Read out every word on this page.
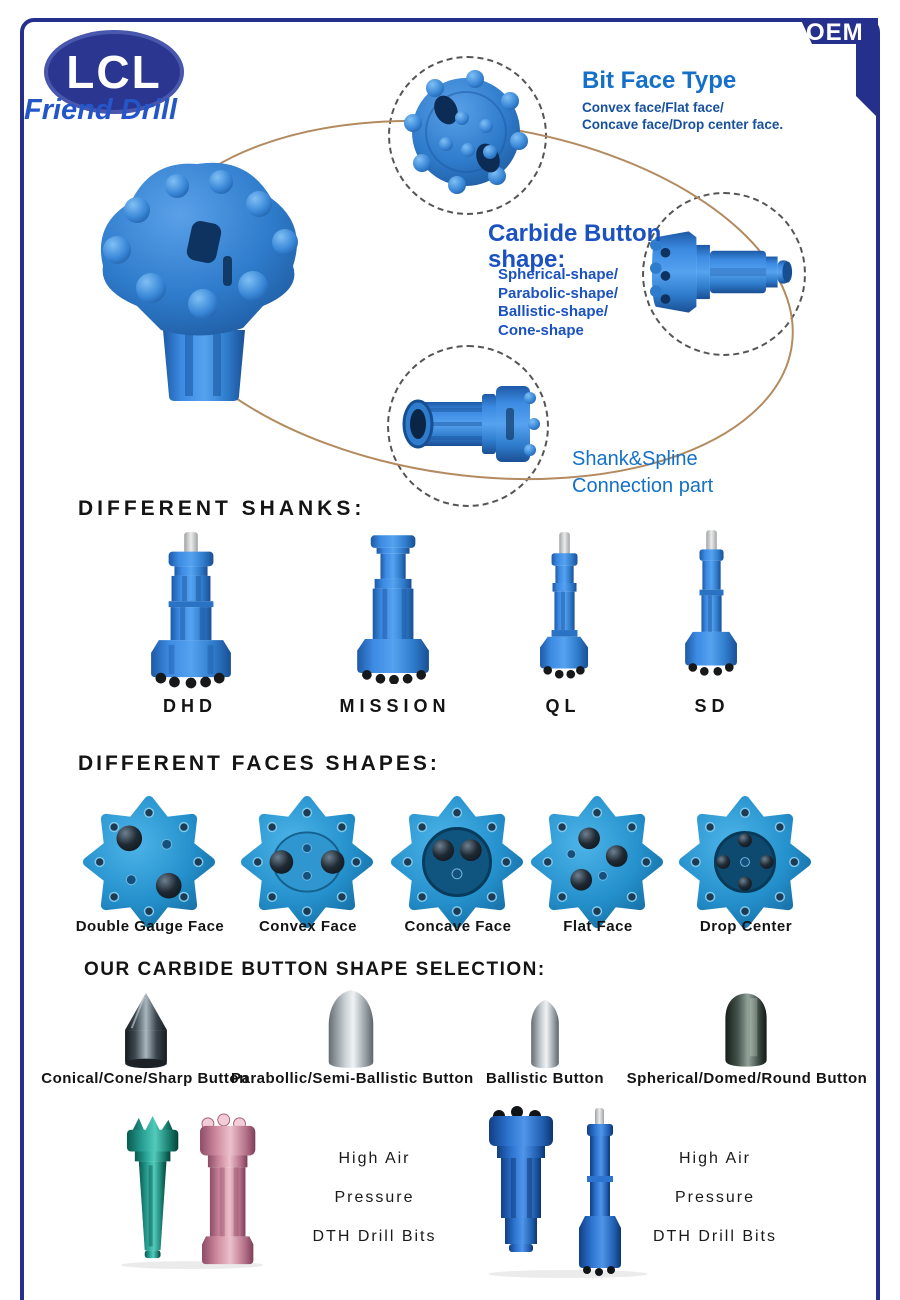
Bit Face Type
Convex face/Flat face/
Concave face/Drop center face.
Carbide Button
shape:
Spherical-shape/
Parabolic-shape/
Ballistic-shape/
Cone-shape
Shank&Spline
Connection part
DIFFERENT SHANKS:
DHD	MISSION	QL	SD
DIFFERENT FACES SHAPES:
Double Gauge Face	Convex Face	Concave Face	Flat Face	Drop Center
OUR CARBIDE BUTTON SHAPE SELECTION:
Conical/Cone/Sharp Button
Parabollic/Semi-Ballistic Button Ballistic Button	Spherical/Domed/Round Button
High Air
Pressure
DTH Drill Bits
High Air
Pressure
DTH Drill Bits
LCL
Friend Drill
OEM
